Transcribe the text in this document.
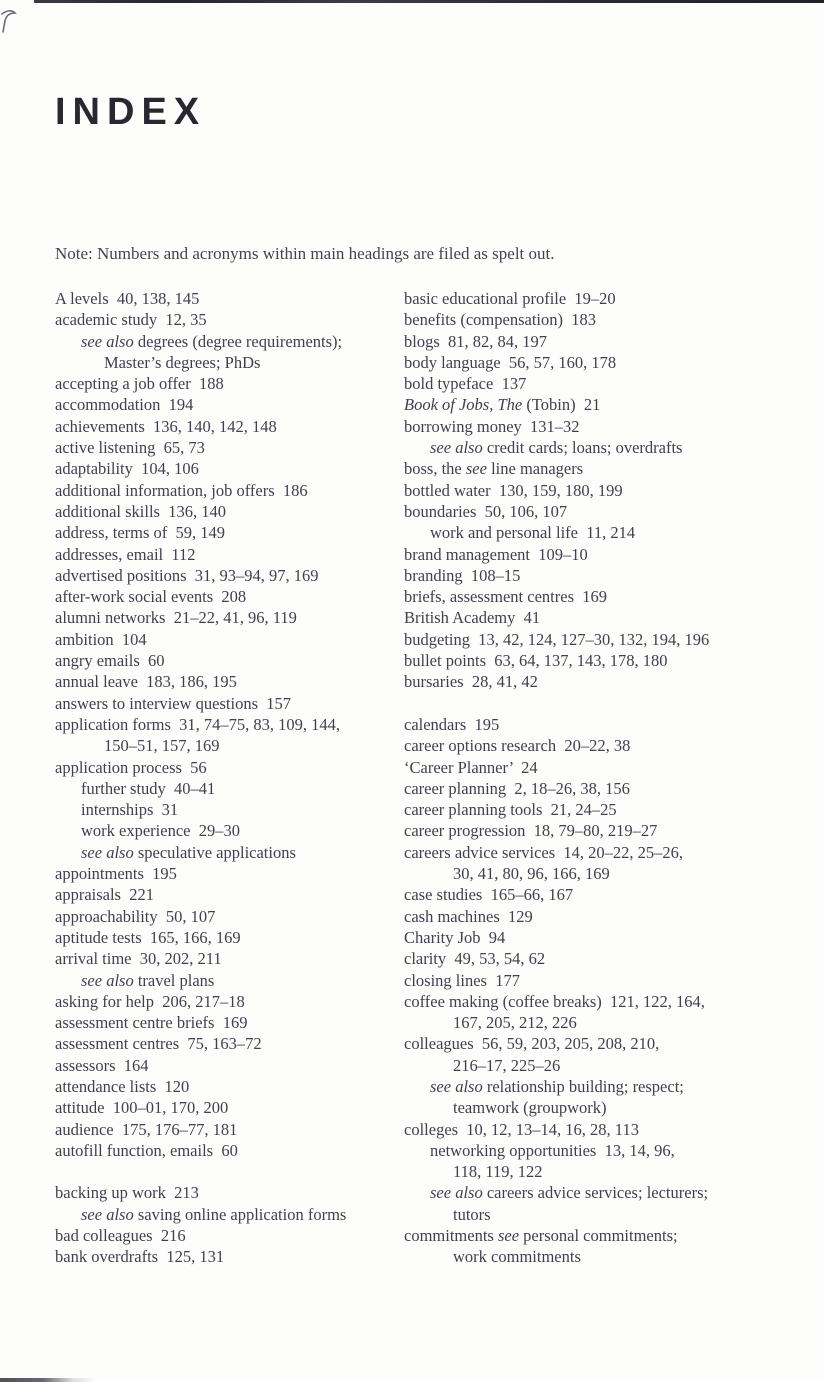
INDEX

Note: Numbers and acronyms within main headings are filed as spelt out.

A levels  40, 138, 145
academic study  12, 35
see also degrees (degree requirements);
Master’s degrees; PhDs
accepting a job offer  188
accommodation  194
achievements  136, 140, 142, 148
active listening  65, 73
adaptability  104, 106
additional information, job offers  186
additional skills  136, 140
address, terms of  59, 149
addresses, email  112
advertised positions  31, 93–94, 97, 169
after-work social events  208
alumni networks  21–22, 41, 96, 119
ambition  104
angry emails  60
annual leave  183, 186, 195
answers to interview questions  157
application forms  31, 74–75, 83, 109, 144,
150–51, 157, 169
application process  56
further study  40–41
internships  31
work experience  29–30
see also speculative applications
appointments  195
appraisals  221
approachability  50, 107
aptitude tests  165, 166, 169
arrival time  30, 202, 211
see also travel plans
asking for help  206, 217–18
assessment centre briefs  169
assessment centres  75, 163–72
assessors  164
attendance lists  120
attitude  100–01, 170, 200
audience  175, 176–77, 181
autofill function, emails  60

backing up work  213
see also saving online application forms
bad colleagues  216
bank overdrafts  125, 131
basic educational profile  19–20
benefits (compensation)  183
blogs  81, 82, 84, 197
body language  56, 57, 160, 178
bold typeface  137
Book of Jobs, The (Tobin)  21
borrowing money  131–32
see also credit cards; loans; overdrafts
boss, the see line managers
bottled water  130, 159, 180, 199
boundaries  50, 106, 107
work and personal life  11, 214
brand management  109–10
branding  108–15
briefs, assessment centres  169
British Academy  41
budgeting  13, 42, 124, 127–30, 132, 194, 196
bullet points  63, 64, 137, 143, 178, 180
bursaries  28, 41, 42

calendars  195
career options research  20–22, 38
‘Career Planner’  24
career planning  2, 18–26, 38, 156
career planning tools  21, 24–25
career progression  18, 79–80, 219–27
careers advice services  14, 20–22, 25–26,
30, 41, 80, 96, 166, 169
case studies  165–66, 167
cash machines  129
Charity Job  94
clarity  49, 53, 54, 62
closing lines  177
coffee making (coffee breaks)  121, 122, 164,
167, 205, 212, 226
colleagues  56, 59, 203, 205, 208, 210,
216–17, 225–26
see also relationship building; respect;
teamwork (groupwork)
colleges  10, 12, 13–14, 16, 28, 113
networking opportunities  13, 14, 96,
118, 119, 122
see also careers advice services; lecturers;
tutors
commitments see personal commitments;
work commitments
